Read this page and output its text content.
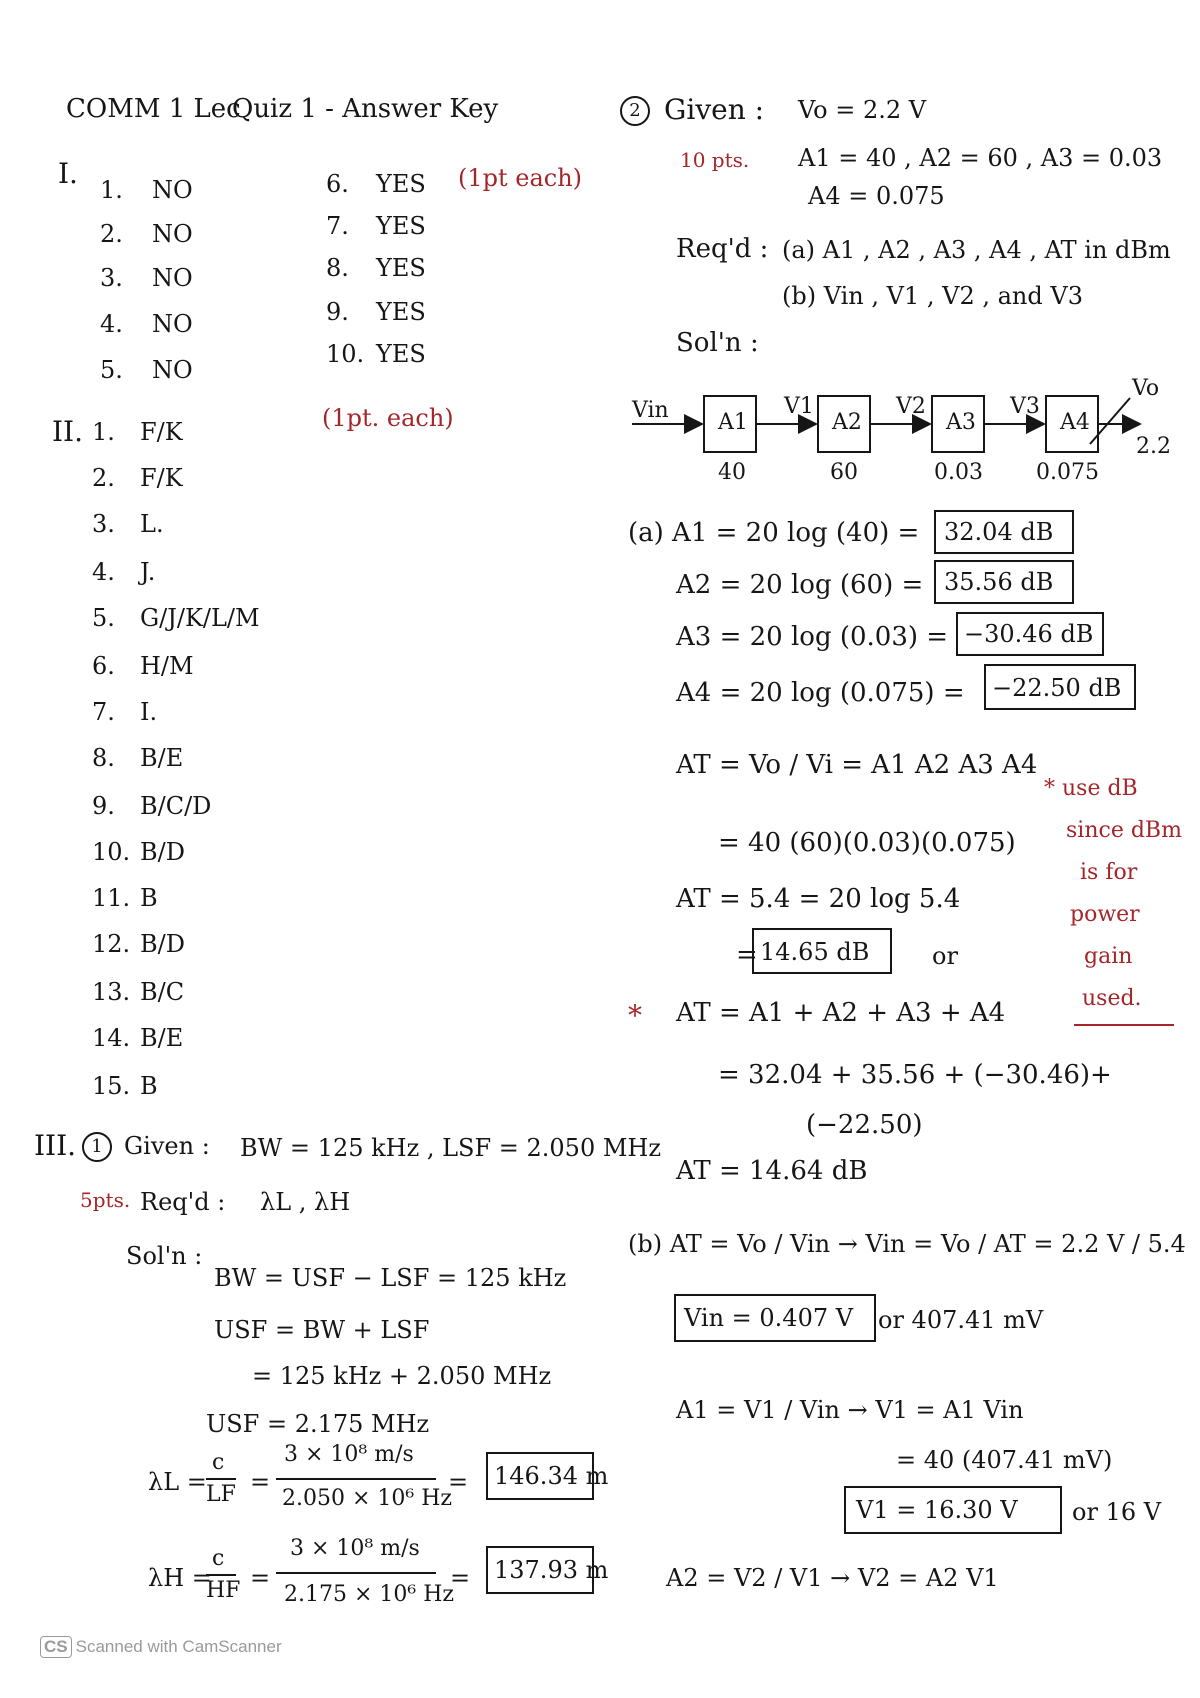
COMM 1 Lec
Quiz 1 - Answer Key
I.	(1pt each)
1. NO
2. NO
3. NO
4. NO
5. NO
6. YES
7. YES
8. YES
9. YES
10. YES
II.	(1pt. each)
1. F/K
2. F/K
3. L.
4. J.
5. G/J/K/L/M
6. H/M
7. I.
8. B/E
9. B/C/D
10. B/D
11. B
12. B/D
13. B/C
14. B/E
15. B
III. 1 Given : BW = 125 kHz , LSF = 2.050 MHz
5pts. Req'd : λL , λH
Sol'n :
BW = USF − LSF = 125 kHz
USF = BW + LSF
= 125 kHz + 2.050 MHz
USF = 2.175 MHz
λL =
c
LF =
3 × 10⁸ m/s
2.050 × 10⁶ Hz
= 146.34 m
λH =
c
HF =
3 × 10⁸ m/s
2.175 × 10⁶ Hz
= 137.93 m
2 Given : Vo = 2.2 V
10 pts. A1 = 40 , A2 = 60 , A3 = 0.03
A4 = 0.075
Req'd : (a) A1 , A2 , A3 , A4 , AT in dBm
(b) Vin , V1 , V2 , and V3
Sol'n :
Vin
Vo
2.2
A1	A2	A3	A4
V1	V2	V3
40	60	0.03 0.075
(a) A1 = 20 log (40) = 32.04 dB
A2 = 20 log (60) = 35.56 dB
A3 = 20 log (0.03) = −30.46 dB
A4 = 20 log (0.075) = −22.50 dB
AT = Vo / Vi = A1 A2 A3 A4
= 40 (60)(0.03)(0.075)
AT = 5.4 = 20 log 5.4
= 14.65 dB	or
* AT = A1 + A2 + A3 + A4
= 32.04 + 35.56 + (−30.46)+
(−22.50)
AT = 14.64 dB
* use dB
since dBm
is for
power
gain
used.
(b) AT = Vo / Vin → Vin = Vo / AT = 2.2 V / 5.4
Vin = 0.407 V or 407.41 mV
A1 = V1 / Vin → V1 = A1 Vin
= 40 (407.41 mV)
V1 = 16.30 V or 16 V
A2 = V2 / V1 → V2 = A2 V1
CS Scanned with CamScanner
